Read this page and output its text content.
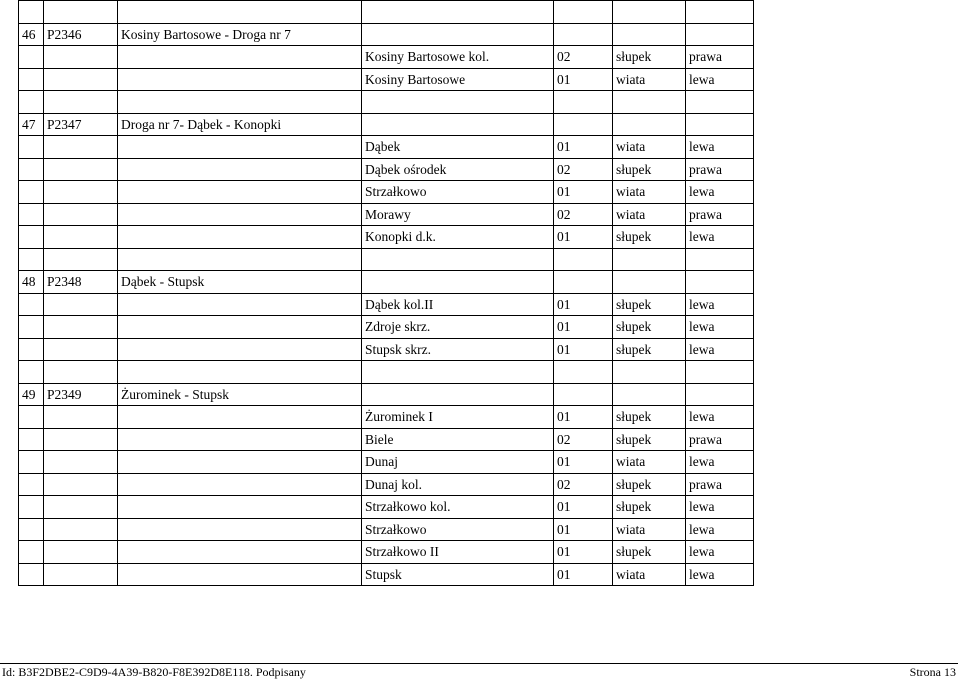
46	P2346	Kosiny Bartosowe - Droga nr 7				
			Kosiny Bartosowe kol.	02	słupek	prawa
			Kosiny Bartosowe	01	wiata	lewa

47	P2347	Droga nr 7- Dąbek - Konopki				
			Dąbek	01	wiata	lewa
			Dąbek ośrodek	02	słupek	prawa
			Strzałkowo	01	wiata	lewa
			Morawy	02	wiata	prawa
			Konopki d.k.	01	słupek	lewa

48	P2348	Dąbek - Stupsk				
			Dąbek kol.II	01	słupek	lewa
			Zdroje skrz.	01	słupek	lewa
			Stupsk skrz.	01	słupek	lewa

49	P2349	Żurominek - Stupsk				
			Żurominek I	01	słupek	lewa
			Biele	02	słupek	prawa
			Dunaj	01	wiata	lewa
			Dunaj kol.	02	słupek	prawa
			Strzałkowo kol.	01	słupek	lewa
			Strzałkowo	01	wiata	lewa
			Strzałkowo II	01	słupek	lewa
			Stupsk	01	wiata	lewa
Id: B3F2DBE2-C9D9-4A39-B820-F8E392D8E118. Podpisany	Strona 13
